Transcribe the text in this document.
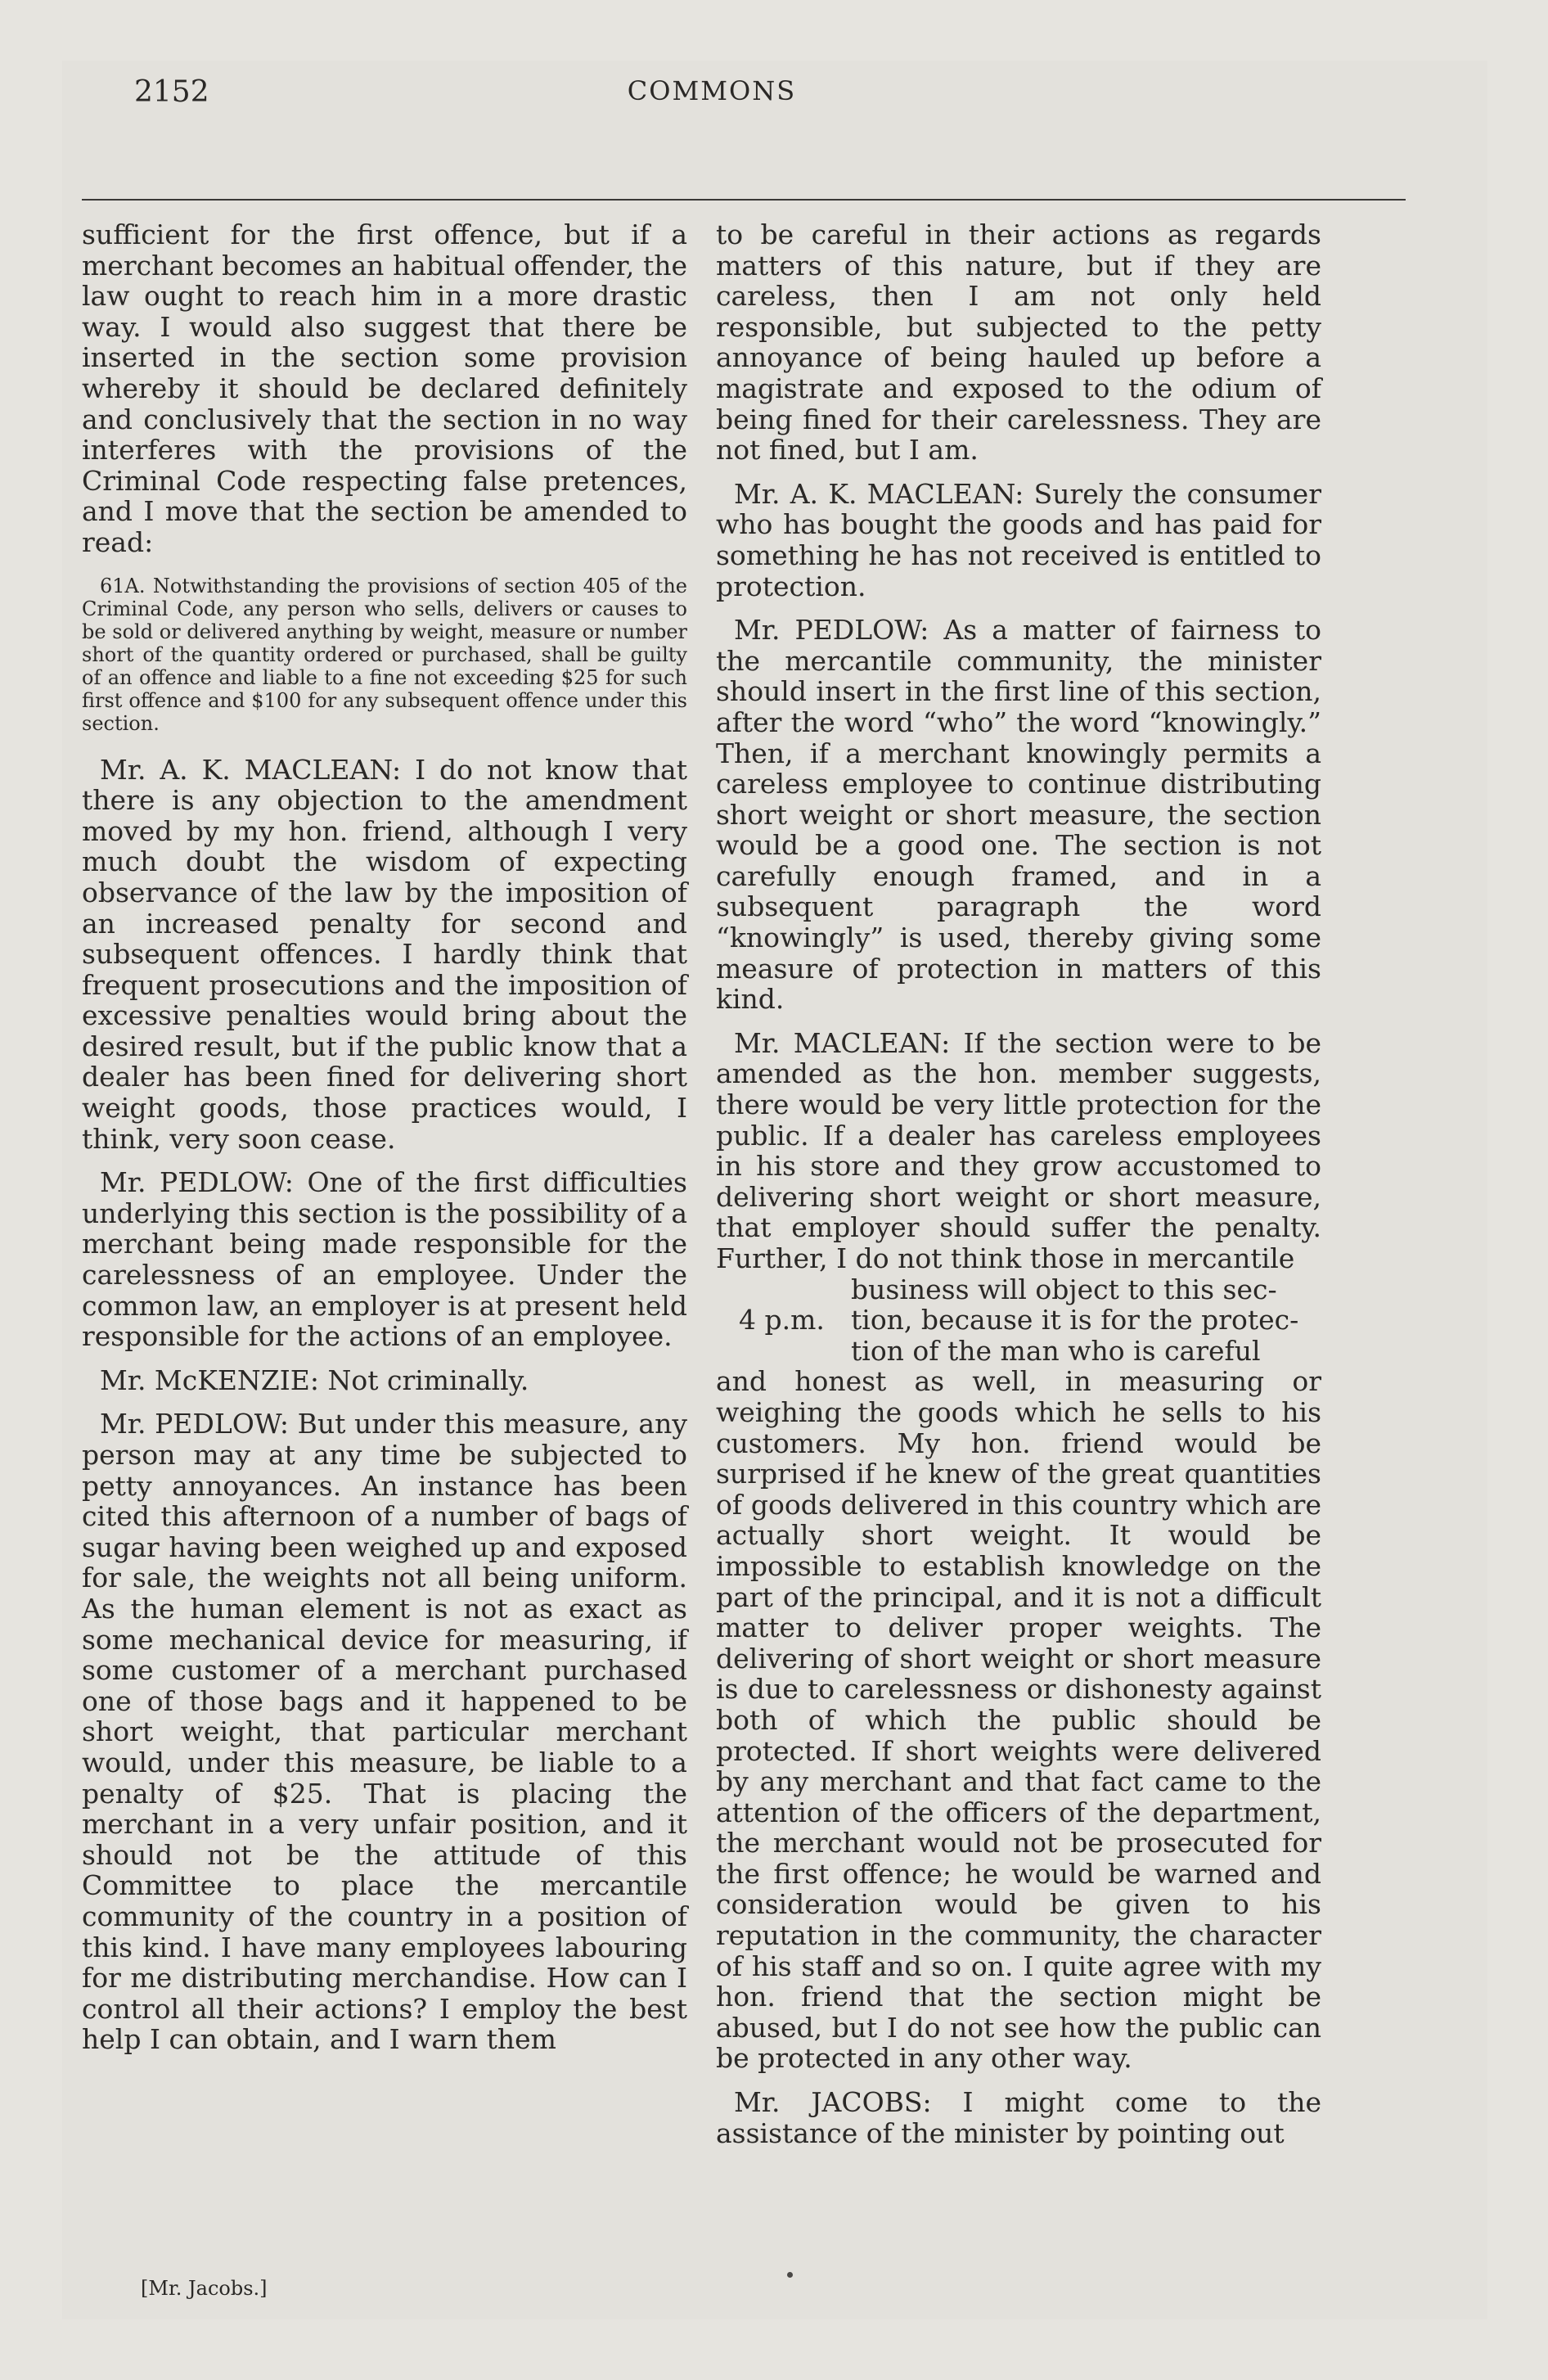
2152	COMMONS

sufficient for the first offence, but if a merchant becomes an habitual offender, the law ought to reach him in a more drastic way. I would also suggest that there be inserted in the section some provision whereby it should be declared definitely and conclusively that the section in no way interferes with the provisions of the Criminal Code respecting false pretences, and I move that the section be amended to read:

61A. Notwithstanding the provisions of section 405 of the Criminal Code, any person who sells, delivers or causes to be sold or delivered anything by weight, measure or number short of the quantity ordered or purchased, shall be guilty of an offence and liable to a fine not exceeding $25 for such first offence and $100 for any subsequent offence under this section.

Mr. A. K. MACLEAN: I do not know that there is any objection to the amendment moved by my hon. friend, although I very much doubt the wisdom of expecting observance of the law by the imposition of an increased penalty for second and subsequent offences. I hardly think that frequent prosecutions and the imposition of excessive penalties would bring about the desired result, but if the public know that a dealer has been fined for delivering short weight goods, those practices would, I think, very soon cease.

Mr. PEDLOW: One of the first difficulties underlying this section is the possibility of a merchant being made responsible for the carelessness of an employee. Under the common law, an employer is at present held responsible for the actions of an employee.

Mr. McKENZIE: Not criminally.

Mr. PEDLOW: But under this measure, any person may at any time be subjected to petty annoyances. An instance has been cited this afternoon of a number of bags of sugar having been weighed up and exposed for sale, the weights not all being uniform. As the human element is not as exact as some mechanical device for measuring, if some customer of a merchant purchased one of those bags and it happened to be short weight, that particular merchant would, under this measure, be liable to a penalty of $25. That is placing the merchant in a very unfair position, and it should not be the attitude of this Committee to place the mercantile community of the country in a position of this kind. I have many employees labouring for me distributing merchandise. How can I control all their actions? I employ the best help I can obtain, and I warn them

to be careful in their actions as regards matters of this nature, but if they are careless, then I am not only held responsible, but subjected to the petty annoyance of being hauled up before a magistrate and exposed to the odium of being fined for their carelessness. They are not fined, but I am.

Mr. A. K. MACLEAN: Surely the consumer who has bought the goods and has paid for something he has not received is entitled to protection.

Mr. PEDLOW: As a matter of fairness to the mercantile community, the minister should insert in the first line of this section, after the word “who” the word “knowingly.” Then, if a merchant knowingly permits a careless employee to continue distributing short weight or short measure, the section would be a good one. The section is not carefully enough framed, and in a subsequent paragraph the word “knowingly” is used, thereby giving some measure of protection in matters of this kind.

Mr. MACLEAN: If the section were to be amended as the hon. member suggests, there would be very little protection for the public. If a dealer has careless employees in his store and they grow accustomed to delivering short weight or short measure, that employer should suffer the penalty. Further, I do not think those in mercantile

4 p.m.
business will object to this sec-
tion, because it is for the protec-
tion of the man who is careful

and honest as well, in measuring or weighing the goods which he sells to his customers. My hon. friend would be surprised if he knew of the great quantities of goods delivered in this country which are actually short weight. It would be impossible to establish knowledge on the part of the principal, and it is not a difficult matter to deliver proper weights. The delivering of short weight or short measure is due to carelessness or dishonesty against both of which the public should be protected. If short weights were delivered by any merchant and that fact came to the attention of the officers of the department, the merchant would not be prosecuted for the first offence; he would be warned and consideration would be given to his reputation in the community, the character of his staff and so on. I quite agree with my hon. friend that the section might be abused, but I do not see how the public can be protected in any other way.

Mr. JACOBS: I might come to the assistance of the minister by pointing out

[Mr. Jacobs.]
